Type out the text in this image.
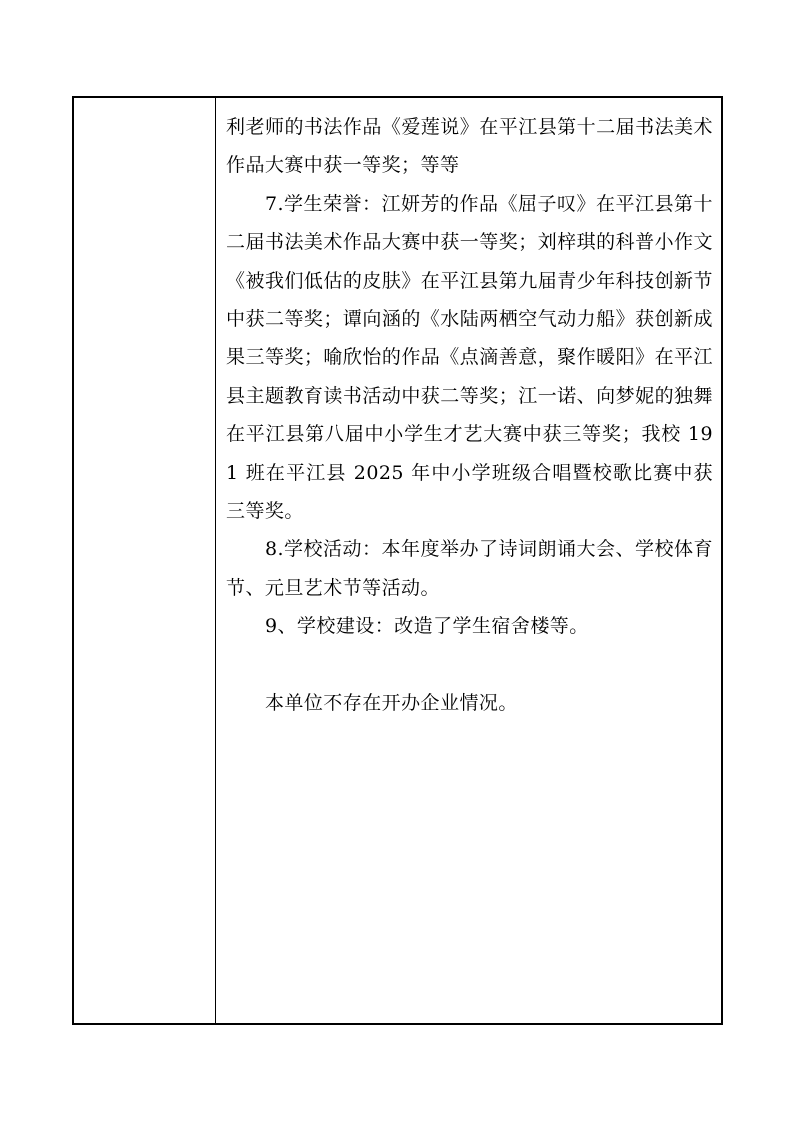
利老师的书法作品《爱莲说》在平江县第十二届书法美术作品大赛中获一等奖；等等

7.学生荣誉：江妍芳的作品《屈子叹》在平江县第十二届书法美术作品大赛中获一等奖；刘梓琪的科普小作文《被我们低估的皮肤》在平江县第九届青少年科技创新节中获二等奖；谭向涵的《水陆两栖空气动力船》获创新成果三等奖；喻欣怡的作品《点滴善意，聚作暖阳》在平江县主题教育读书活动中获二等奖；江一诺、向梦妮的独舞在平江县第八届中小学生才艺大赛中获三等奖；我校 191 班在平江县 2025 年中小学班级合唱暨校歌比赛中获三等奖。

8.学校活动：本年度举办了诗词朗诵大会、学校体育节、元旦艺术节等活动。

9、学校建设：改造了学生宿舍楼等。

本单位不存在开办企业情况。
